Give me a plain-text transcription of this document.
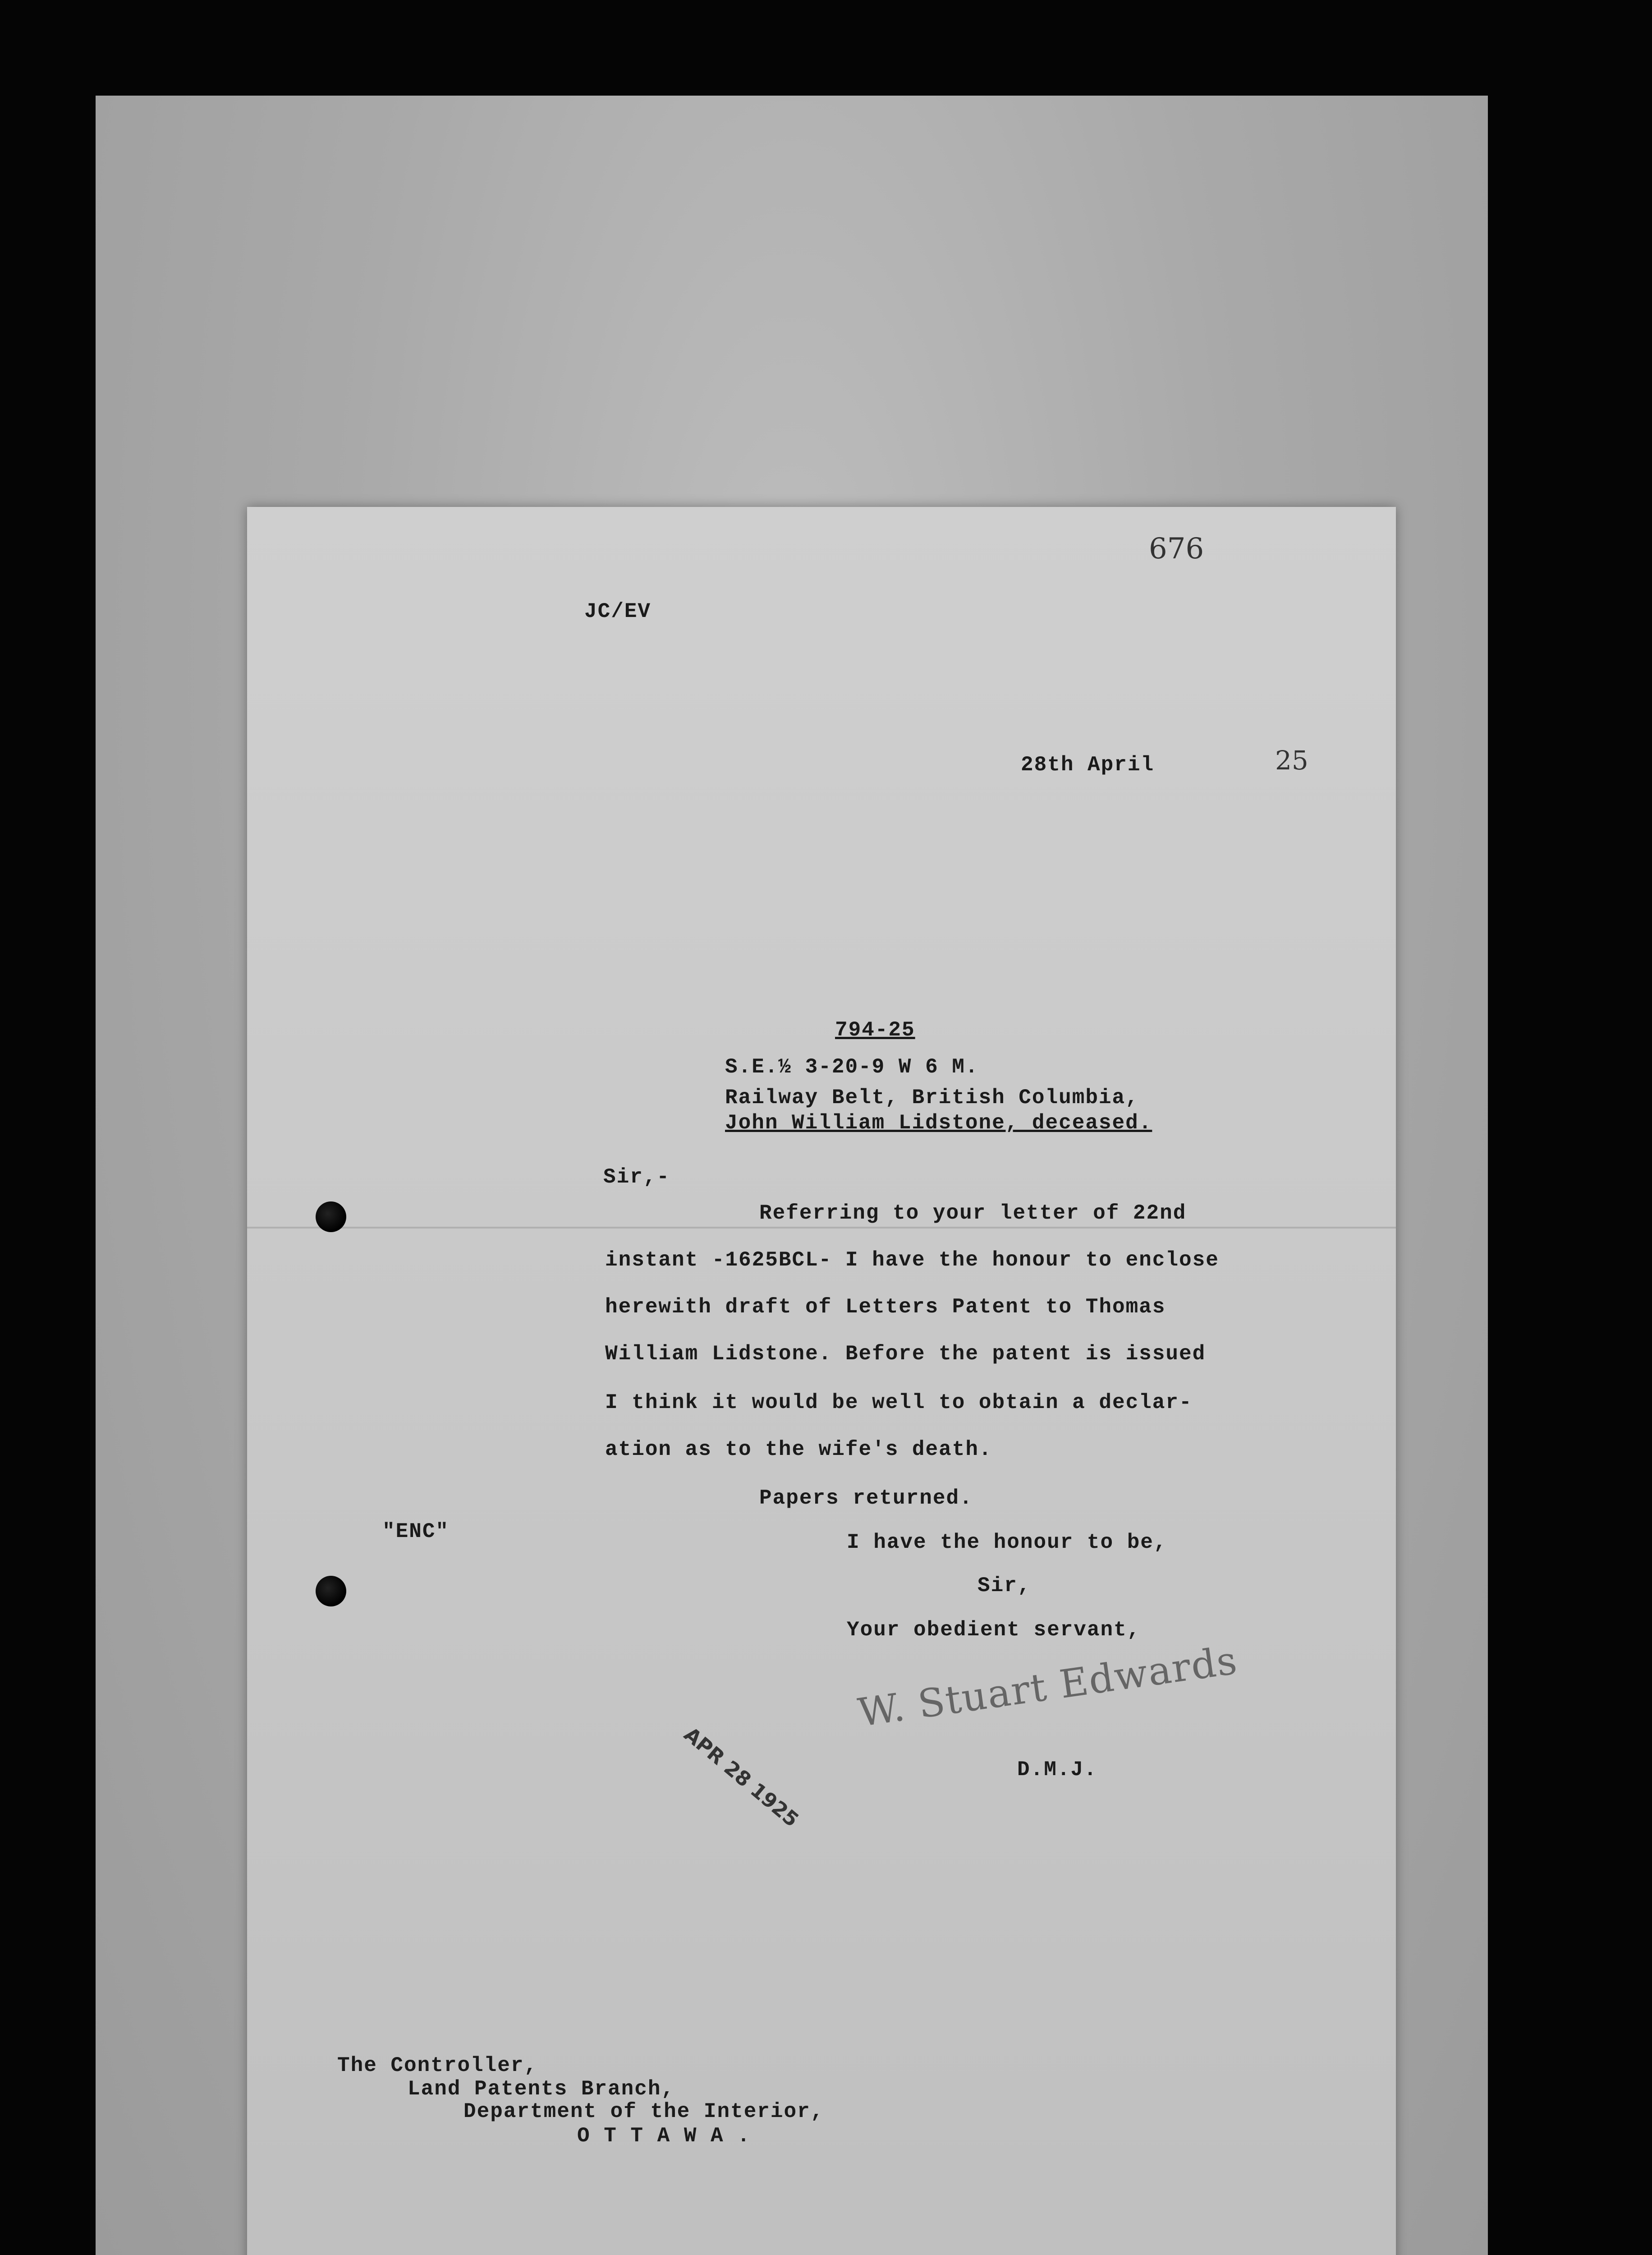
676
JC/EV
28th April	25
794-25
S.E.½ 3-20-9 W 6 M.
Railway Belt, British Columbia,
John William Lidstone, deceased.
Sir,-
Referring to your letter of 22nd
instant -1625BCL- I have the honour to enclose
herewith draft of Letters Patent to Thomas
William Lidstone. Before the patent is issued
I think it would be well to obtain a declar-
ation as to the wife's death.
Papers returned.
I have the honour to be,
Sir,
Your obedient servant,
"ENC"
APR 28 1925
W. Stuart Edwards
D.M.J.
The Controller,
Land Patents Branch,
Department of the Interior,
O T T A W A .
